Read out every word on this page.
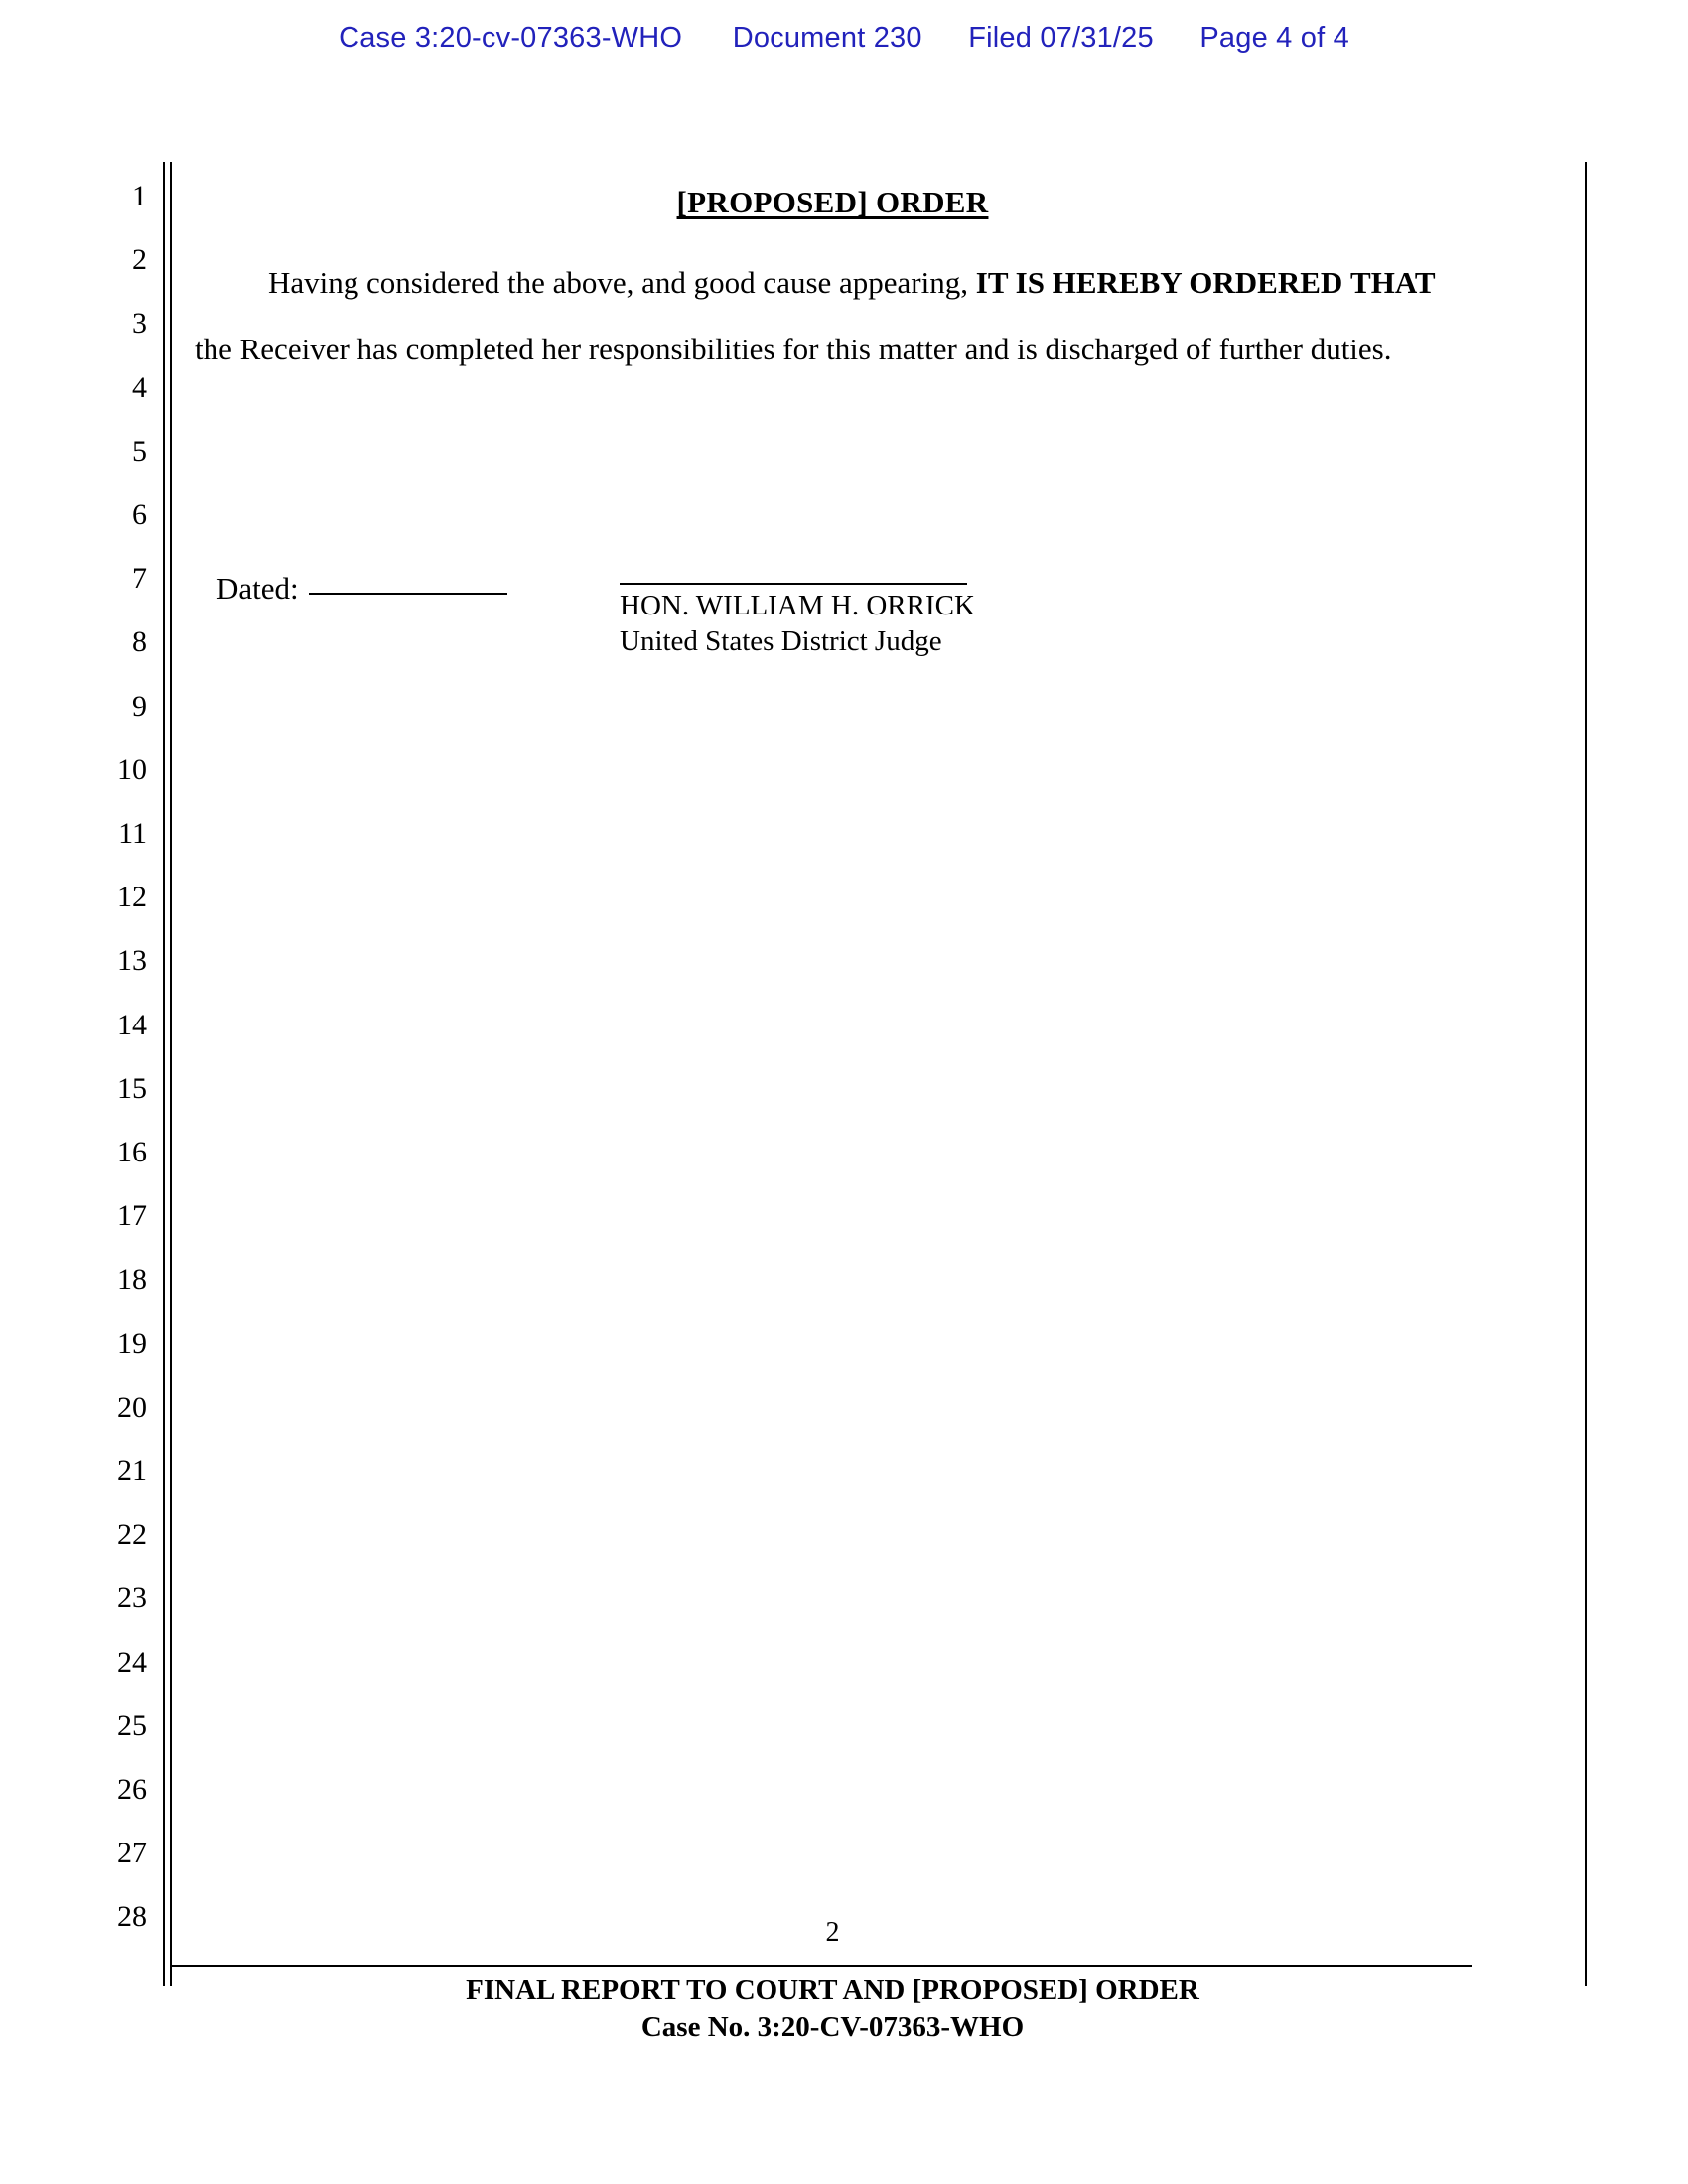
Case 3:20-cv-07363-WHO Document 230 Filed 07/31/25 Page 4 of 4
1
2
3
4
5
6
7
8
9
10
11
12
13
14
15
16
17
18
19
20
21
22
23
24
25
26
27
28
[PROPOSED] ORDER
Having considered the above, and good cause appearing, IT IS HEREBY ORDERED THAT the Receiver has completed her responsibilities for this matter and is discharged of further duties.
Dated:	HON. WILLIAM H. ORRICK
United States District Judge
2
FINAL REPORT TO COURT AND [PROPOSED] ORDER
Case No. 3:20-CV-07363-WHO
